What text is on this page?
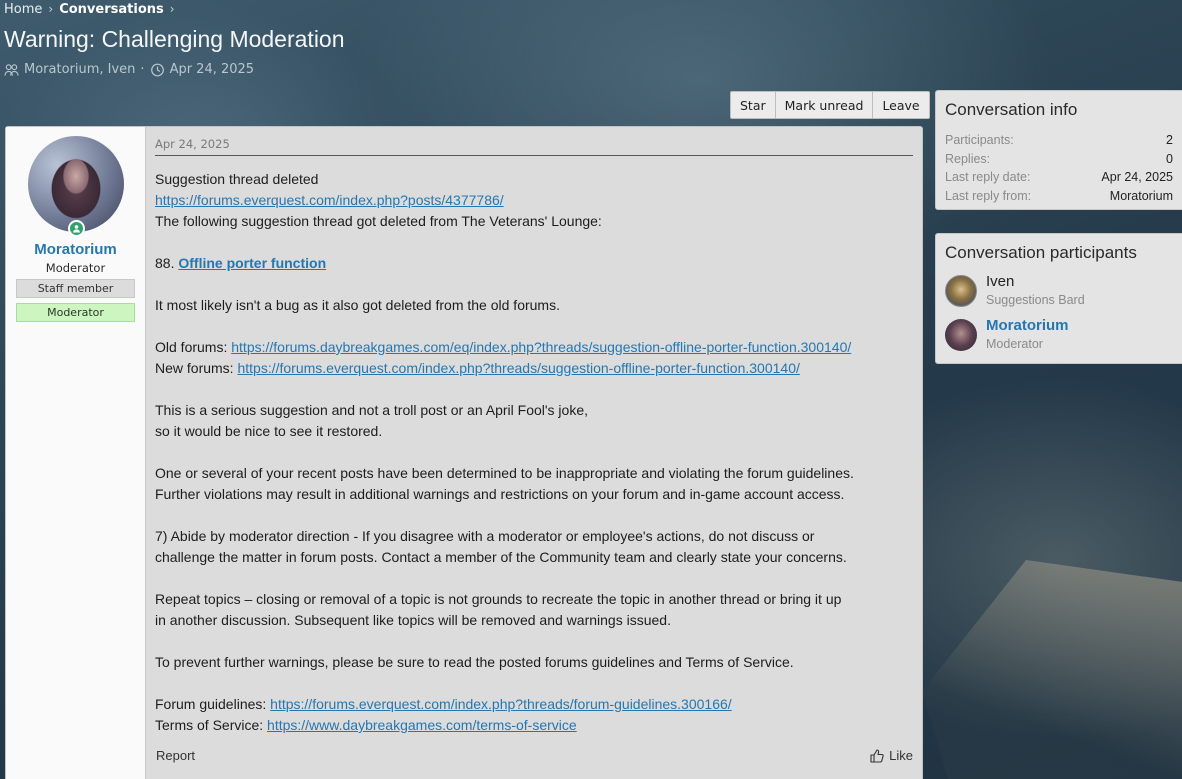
Home › Conversations ›
Warning: Challenging Moderation
Moratorium, Iven · Apr 24, 2025
Star	Mark unread	Leave
Moratorium
Moderator
Staff member
Moderator
Apr 24, 2025
Suggestion thread deleted
https://forums.everquest.com/index.php?posts/4377786/
The following suggestion thread got deleted from The Veterans' Lounge:
88. Offline porter function
It most likely isn't a bug as it also got deleted from the old forums.
Old forums: https://forums.daybreakgames.com/eq/index.php?threads/suggestion-offline-porter-function.300140/
New forums: https://forums.everquest.com/index.php?threads/suggestion-offline-porter-function.300140/
This is a serious suggestion and not a troll post or an April Fool's joke,
so it would be nice to see it restored.
One or several of your recent posts have been determined to be inappropriate and violating the forum guidelines.
Further violations may result in additional warnings and restrictions on your forum and in-game account access.
7) Abide by moderator direction - If you disagree with a moderator or employee's actions, do not discuss or
challenge the matter in forum posts. Contact a member of the Community team and clearly state your concerns.
Repeat topics – closing or removal of a topic is not grounds to recreate the topic in another thread or bring it up
in another discussion. Subsequent like topics will be removed and warnings issued.
To prevent further warnings, please be sure to read the posted forums guidelines and Terms of Service.
Forum guidelines: https://forums.everquest.com/index.php?threads/forum-guidelines.300166/
Terms of Service: https://www.daybreakgames.com/terms-of-service
Report	Like
Conversation info
Participants:	2
Replies:	0
Last reply date:	Apr 24, 2025
Last reply from:	Moratorium
Conversation participants
Iven
Suggestions Bard
Moratorium
Moderator
